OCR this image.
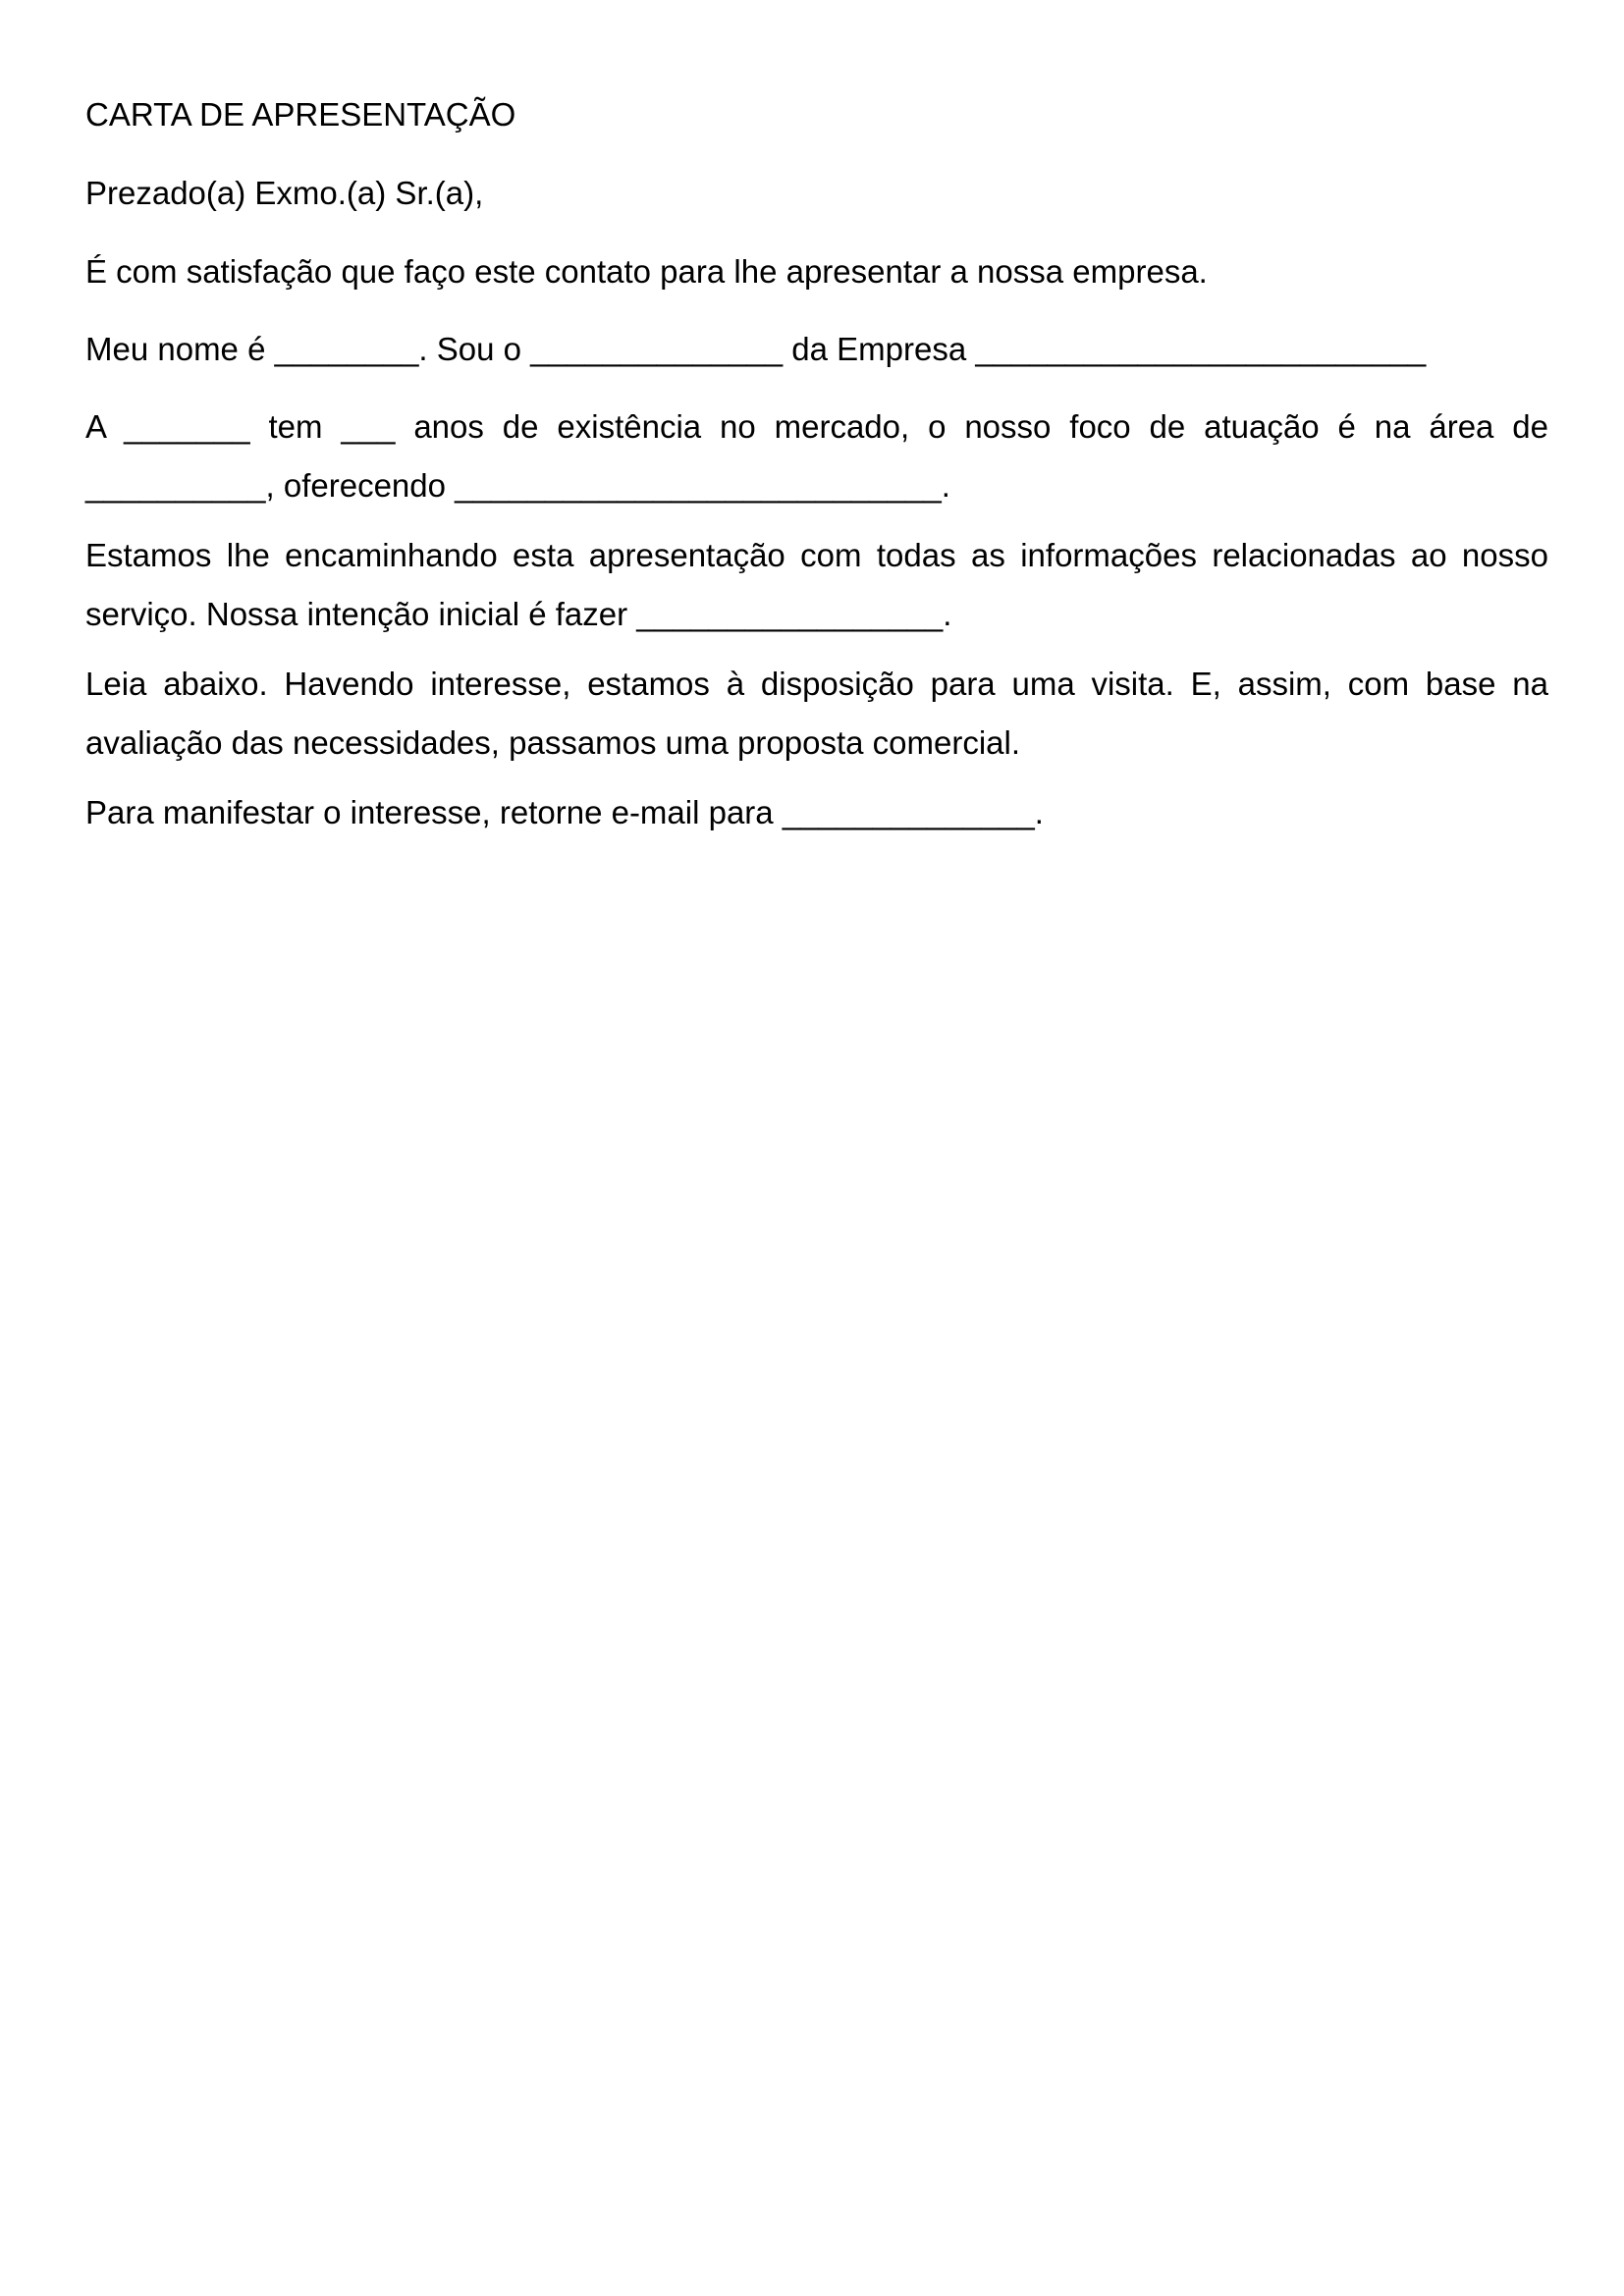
CARTA DE APRESENTAÇÃO

Prezado(a) Exmo.(a) Sr.(a),

É com satisfação que faço este contato para lhe apresentar a nossa empresa.

Meu nome é ________. Sou o ______________ da Empresa _________________________

A _______ tem ___ anos de existência no mercado, o nosso foco de atuação é na área de __________, oferecendo ___________________________.

Estamos lhe encaminhando esta apresentação com todas as informações relacionadas ao nosso serviço. Nossa intenção inicial é fazer _________________.

Leia abaixo. Havendo interesse, estamos à disposição para uma visita. E, assim, com base na avaliação das necessidades, passamos uma proposta comercial.

Para manifestar o interesse, retorne e-mail para ______________.
